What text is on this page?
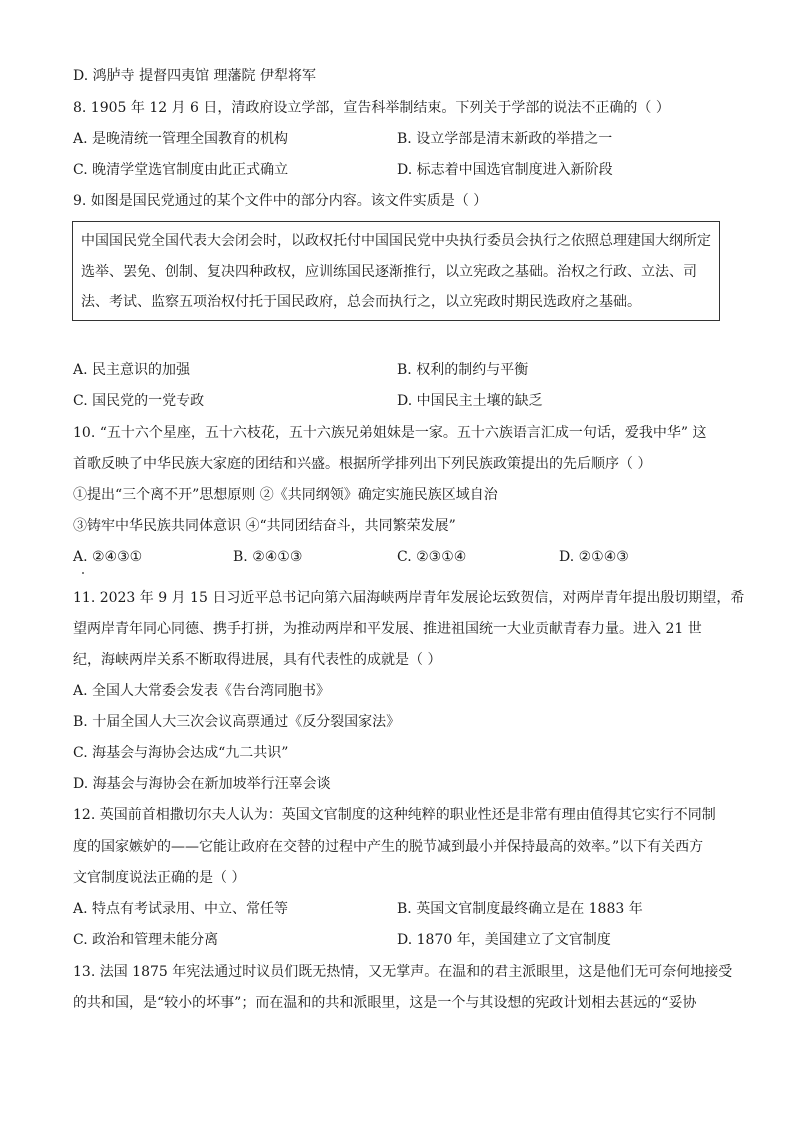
D. 鸿胪寺 提督四夷馆 理藩院 伊犁将军
8. 1905 年 12 月 6 日，清政府设立学部，宣告科举制结束。下列关于学部的说法不正确的（ ）
A. 是晚清统一管理全国教育的机构	B. 设立学部是清末新政的举措之一
C. 晚清学堂选官制度由此正式确立	D. 标志着中国选官制度进入新阶段
9. 如图是国民党通过的某个文件中的部分内容。该文件实质是（ ）
中国国民党全国代表大会闭会时，以政权托付中国国民党中央执行委员会执行之依照总理建国大纲所定
选举、罢免、创制、复决四种政权，应训练国民逐渐推行，以立宪政之基础。治权之行政、立法、司
法、考试、监察五项治权付托于国民政府，总会而执行之，以立宪政时期民选政府之基础。
A. 民主意识的加强	B. 权利的制约与平衡
C. 国民党的一党专政	D. 中国民主土壤的缺乏
10. “五十六个星座，五十六枝花，五十六族兄弟姐妹是一家。五十六族语言汇成一句话，爱我中华” 这
首歌反映了中华民族大家庭的团结和兴盛。根据所学排列出下列民族政策提出的先后顺序（ ）
①提出“三个离不开”思想原则 ②《共同纲领》确定实施民族区域自治
③铸牢中华民族共同体意识 ④“共同团结奋斗，共同繁荣发展”
A. ②④③①	B. ②④①③	C. ②③①④	D. ②①④③
11. 2023 年 9 月 15 日习近平总书记向第六届海峡两岸青年发展论坛致贺信，对两岸青年提出殷切期望，希
望两岸青年同心同德、携手打拼，为推动两岸和平发展、推进祖国统一大业贡献青春力量。进入 21 世
纪，海峡两岸关系不断取得进展，具有代表性的成就是（ ）
A. 全国人大常委会发表《告台湾同胞书》
B. 十届全国人大三次会议高票通过《反分裂国家法》
C. 海基会与海协会达成“九二共识”
D. 海基会与海协会在新加坡举行汪辜会谈
12. 英国前首相撒切尔夫人认为：英国文官制度的这种纯粹的职业性还是非常有理由值得其它实行不同制
度的国家嫉妒的——它能让政府在交替的过程中产生的脱节减到最小并保持最高的效率。”以下有关西方
文官制度说法正确的是（ ）
A. 特点有考试录用、中立、常任等	B. 英国文官制度最终确立是在 1883 年
C. 政治和管理未能分离	D. 1870 年，美国建立了文官制度
13. 法国 1875 年宪法通过时议员们既无热情，又无掌声。在温和的君主派眼里，这是他们无可奈何地接受
的共和国，是“较小的坏事”；而在温和的共和派眼里，这是一个与其设想的宪政计划相去甚远的“妥协
